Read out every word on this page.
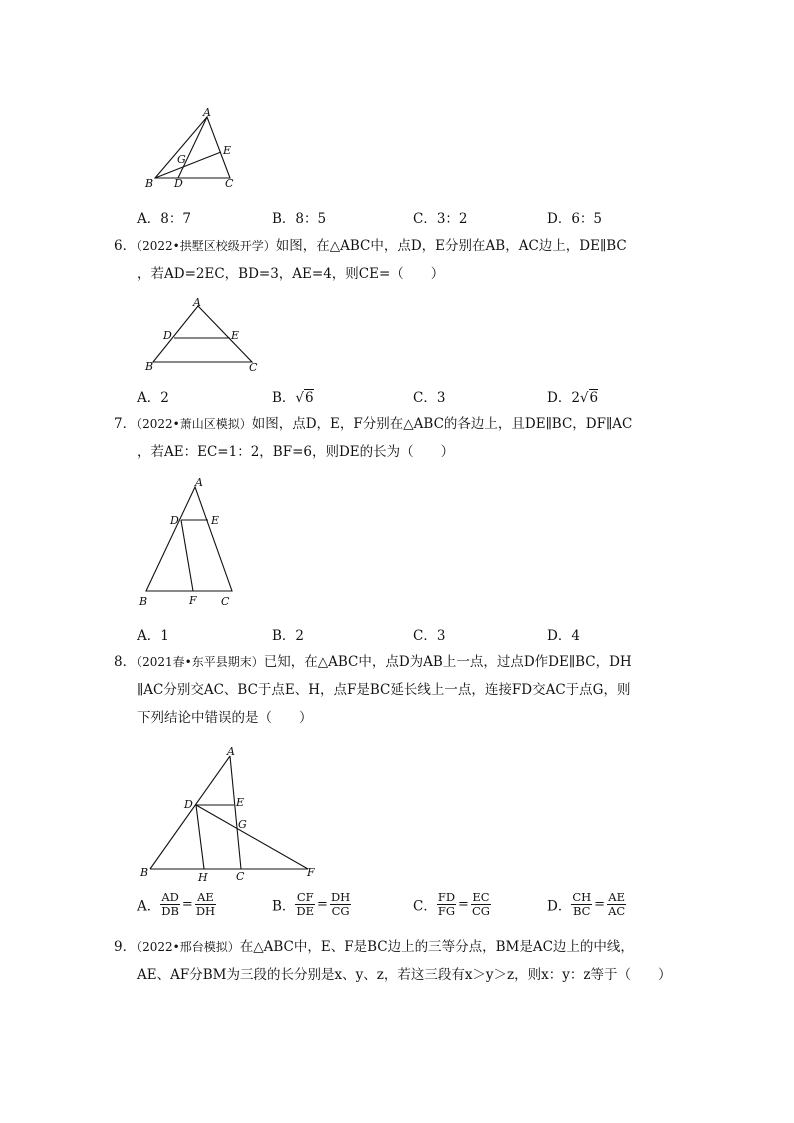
A
B	C
D
E
G
A．8：7	B．8：5	C．3：2	D．6：5
6．（2022•拱墅区校级开学）如图，在△ABC中，点D，E分别在AB，AC边上，DE∥BC
，若AD=2EC，BD=3，AE=4，则CE=（　　）
A
B	C
D	E
A．2	B．√6	C．3	D．2√6
7．（2022•萧山区模拟）如图，点D，E，F分别在△ABC的各边上，且DE∥BC，DF∥AC
，若AE：EC=1：2，BF=6，则DE的长为（　　）
A
B	C
D	E
F
A．1	B．2	C．3	D．4
8．（2021春•东平县期末）已知，在△ABC中，点D为AB上一点，过点D作DE∥BC，DH
∥AC分别交AC、BC于点E、H，点F是BC延长线上一点，连接FD交AC于点G，则
下列结论中错误的是（　　）
A
B	C
D	E
F
G
H
A． $\frac{AD}{DB} = \frac{AE}{DH}$	B． $\frac{CF}{DE} = \frac{DH}{CG}$	C． $\frac{FD}{FG} = \frac{EC}{CG}$	D． $\frac{CH}{BC} = \frac{AE}{AC}$
9．（2022•邢台模拟）在△ABC中，E、F是BC边上的三等分点，BM是AC边上的中线，
AE、AF分BM为三段的长分别是x、y、z，若这三段有x＞y＞z，则x：y：z等于（　　）
